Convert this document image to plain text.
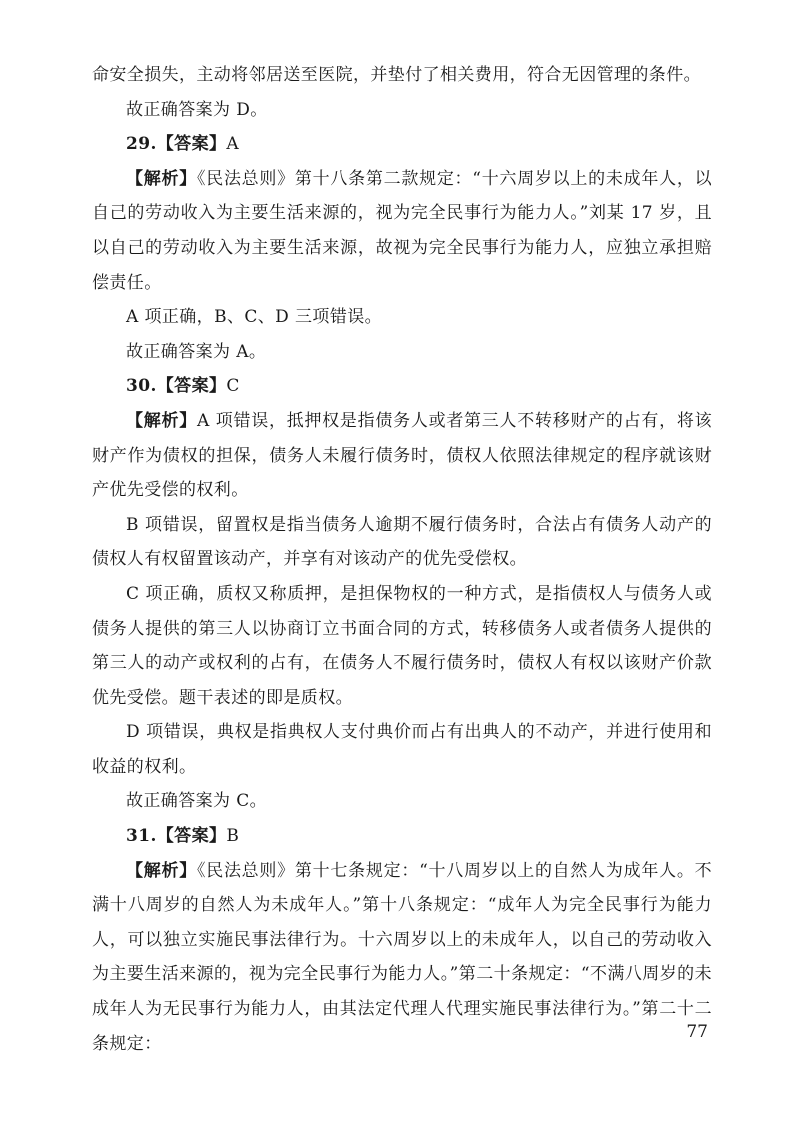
命安全损失，主动将邻居送至医院，并垫付了相关费用，符合无因管理的条件。

故正确答案为 D。

29.【答案】A

【解析】《民法总则》第十八条第二款规定：“十六周岁以上的未成年人，以自己的劳动收入为主要生活来源的，视为完全民事行为能力人。”刘某 17 岁，且以自己的劳动收入为主要生活来源，故视为完全民事行为能力人，应独立承担赔偿责任。

A 项正确，B、C、D 三项错误。

故正确答案为 A。

30.【答案】C

【解析】A 项错误，抵押权是指债务人或者第三人不转移财产的占有，将该财产作为债权的担保，债务人未履行债务时，债权人依照法律规定的程序就该财产优先受偿的权利。

B 项错误，留置权是指当债务人逾期不履行债务时，合法占有债务人动产的债权人有权留置该动产，并享有对该动产的优先受偿权。

C 项正确，质权又称质押，是担保物权的一种方式，是指债权人与债务人或债务人提供的第三人以协商订立书面合同的方式，转移债务人或者债务人提供的第三人的动产或权利的占有，在债务人不履行债务时，债权人有权以该财产价款优先受偿。题干表述的即是质权。

D 项错误，典权是指典权人支付典价而占有出典人的不动产，并进行使用和收益的权利。

故正确答案为 C。

31.【答案】B

【解析】《民法总则》第十七条规定：“十八周岁以上的自然人为成年人。不满十八周岁的自然人为未成年人。”第十八条规定：“成年人为完全民事行为能力人，可以独立实施民事法律行为。十六周岁以上的未成年人，以自己的劳动收入为主要生活来源的，视为完全民事行为能力人。”第二十条规定：“不满八周岁的未成年人为无民事行为能力人，由其法定代理人代理实施民事法律行为。”第二十二条规定：

77
